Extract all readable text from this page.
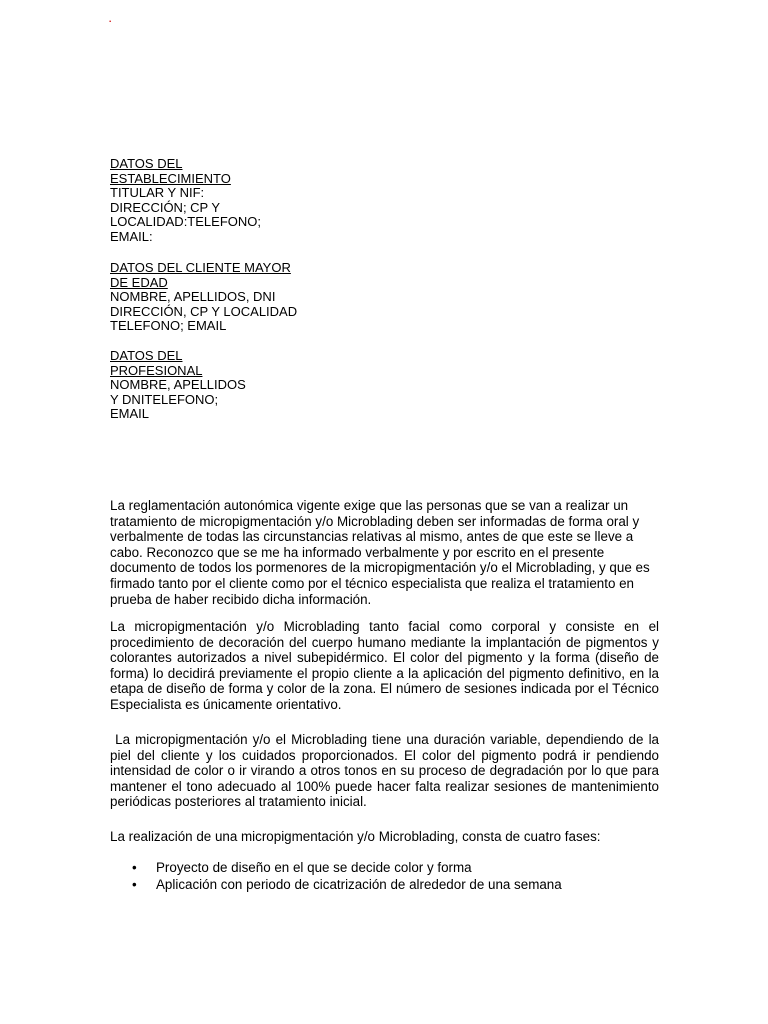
·
DATOS DEL
ESTABLECIMIENTO
TITULAR Y NIF:
DIRECCIÓN; CP Y
LOCALIDAD:TELEFONO;
EMAIL:
DATOS DEL CLIENTE MAYOR
DE EDAD
NOMBRE, APELLIDOS, DNI
DIRECCIÓN, CP Y LOCALIDAD
TELEFONO; EMAIL
DATOS DEL
PROFESIONAL
NOMBRE, APELLIDOS
Y DNITELEFONO;
EMAIL

La reglamentación autonómica vigente exige que las personas que se van a realizar un tratamiento de micropigmentación y/o Microblading deben ser informadas de forma oral y verbalmente de todas las circunstancias relativas al mismo, antes de que este se lleve a cabo. Reconozco que se me ha informado verbalmente y por escrito en el presente documento de todos los pormenores de la micropigmentación y/o el Microblading, y que es firmado tanto por el cliente como por el técnico especialista que realiza el tratamiento en prueba de haber recibido dicha información.

La micropigmentación y/o Microblading tanto facial como corporal y consiste en el procedimiento de decoración del cuerpo humano mediante la implantación de pigmentos y colorantes autorizados a nivel subepidérmico. El color del pigmento y la forma (diseño de forma) lo decidirá previamente el propio cliente a la aplicación del pigmento definitivo, en la etapa de diseño de forma y color de la zona. El número de sesiones indicada por el Técnico Especialista es únicamente orientativo.

La micropigmentación y/o el Microblading tiene una duración variable, dependiendo de la piel del cliente y los cuidados proporcionados. El color del pigmento podrá ir pendiendo intensidad de color o ir virando a otros tonos en su proceso de degradación por lo que para mantener el tono adecuado al 100% puede hacer falta realizar sesiones de mantenimiento periódicas posteriores al tratamiento inicial.

La realización de una micropigmentación y/o Microblading, consta de cuatro fases:

• Proyecto de diseño en el que se decide color y forma
• Aplicación con periodo de cicatrización de alrededor de una semana
